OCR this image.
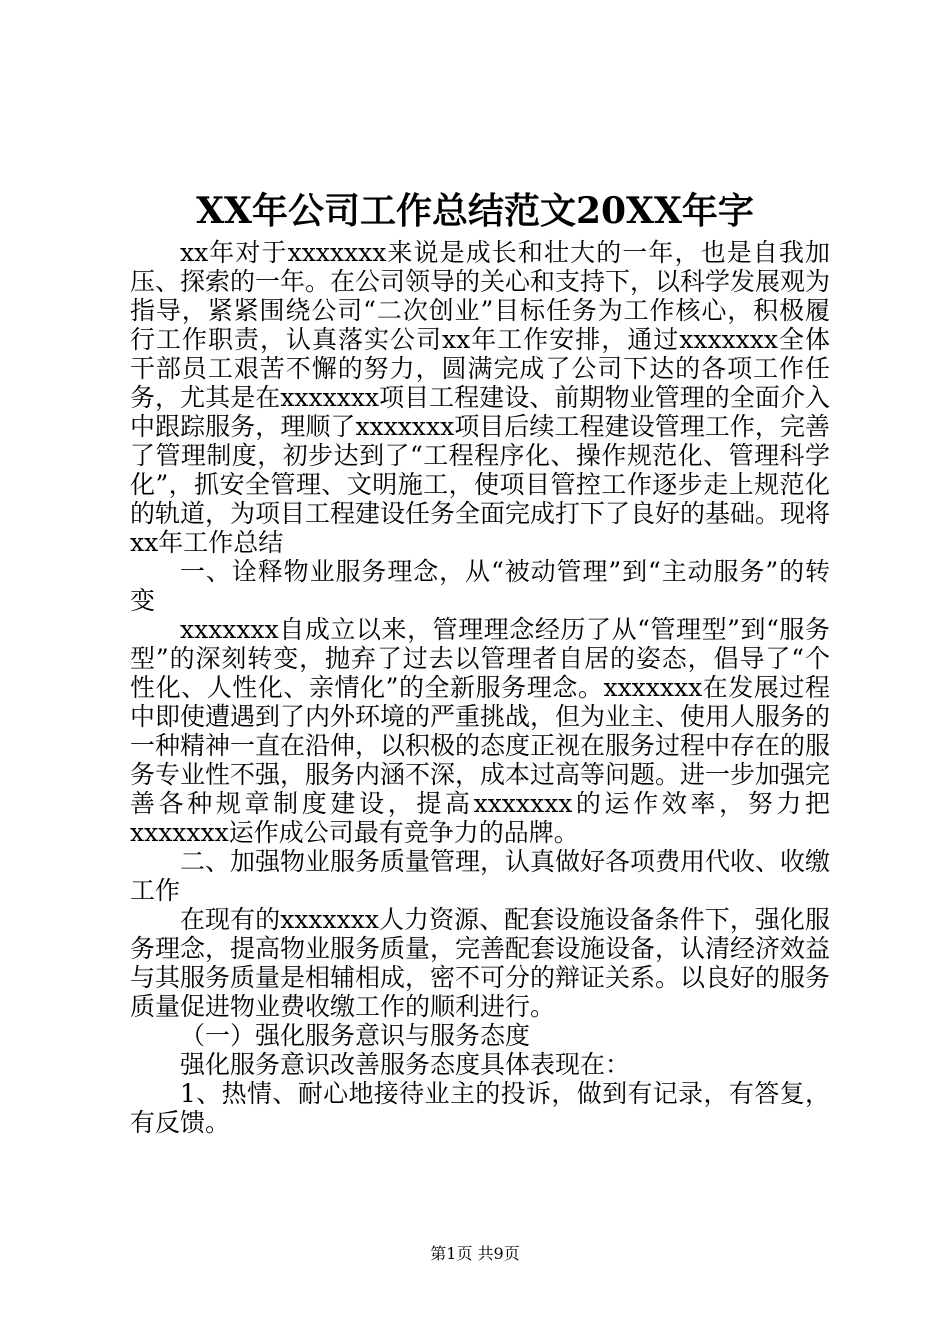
XX年公司工作总结范文20XX年字

xx年对于xxxxxxx来说是成长和壮大的一年，也是自我加压、探索的一年。在公司领导的关心和支持下，以科学发展观为指导，紧紧围绕公司“二次创业”目标任务为工作核心，积极履行工作职责，认真落实公司xx年工作安排，通过xxxxxxx全体干部员工艰苦不懈的努力，圆满完成了公司下达的各项工作任务，尤其是在xxxxxxx项目工程建设、前期物业管理的全面介入中跟踪服务，理顺了xxxxxxx项目后续工程建设管理工作，完善了管理制度，初步达到了“工程程序化、操作规范化、管理科学化”，抓安全管理、文明施工，使项目管控工作逐步走上规范化的轨道，为项目工程建设任务全面完成打下了良好的基础。现将xx年工作总结

一、诠释物业服务理念，从“被动管理”到“主动服务”的转变

xxxxxxx自成立以来，管理理念经历了从“管理型”到“服务型”的深刻转变，抛弃了过去以管理者自居的姿态，倡导了“个性化、人性化、亲情化”的全新服务理念。xxxxxxx在发展过程中即使遭遇到了内外环境的严重挑战，但为业主、使用人服务的一种精神一直在沿伸，以积极的态度正视在服务过程中存在的服务专业性不强，服务内涵不深，成本过高等问题。进一步加强完善各种规章制度建设，提高xxxxxxx的运作效率，努力把xxxxxxx运作成公司最有竞争力的品牌。

二、加强物业服务质量管理，认真做好各项费用代收、收缴工作

在现有的xxxxxxx人力资源、配套设施设备条件下，强化服务理念，提高物业服务质量，完善配套设施设备，认清经济效益与其服务质量是相辅相成，密不可分的辩证关系。以良好的服务质量促进物业费收缴工作的顺利进行。

（一）强化服务意识与服务态度

强化服务意识改善服务态度具体表现在：

1、热情、耐心地接待业主的投诉，做到有记录，有答复，有反馈。

第1页 共9页
